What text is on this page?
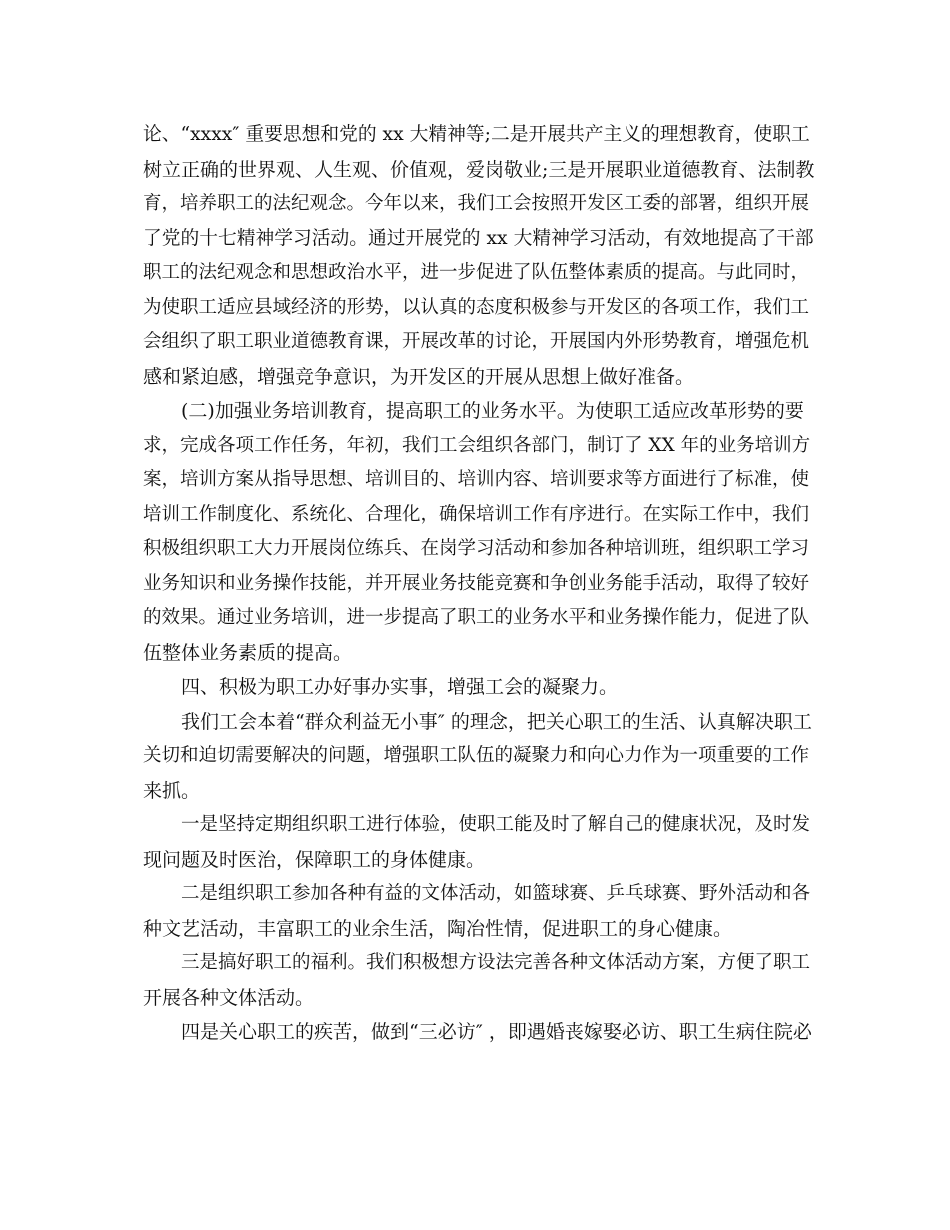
论、“xxxx″ 重要思想和党的 xx 大精神等;二是开展共产主义的理想教育，使职工
树立正确的世界观、人生观、价值观，爱岗敬业;三是开展职业道德教育、法制教
育，培养职工的法纪观念。今年以来，我们工会按照开发区工委的部署，组织开展
了党的十七精神学习活动。通过开展党的 xx 大精神学习活动，有效地提高了干部
职工的法纪观念和思想政治水平，进一步促进了队伍整体素质的提高。与此同时，
为使职工适应县域经济的形势，以认真的态度积极参与开发区的各项工作，我们工
会组织了职工职业道德教育课，开展改革的讨论，开展国内外形势教育，增强危机
感和紧迫感，增强竞争意识，为开发区的开展从思想上做好准备。
(二)加强业务培训教育，提高职工的业务水平。为使职工适应改革形势的要
求，完成各项工作任务，年初，我们工会组织各部门，制订了 XX 年的业务培训方
案，培训方案从指导思想、培训目的、培训内容、培训要求等方面进行了标准，使
培训工作制度化、系统化、合理化，确保培训工作有序进行。在实际工作中，我们
积极组织职工大力开展岗位练兵、在岗学习活动和参加各种培训班，组织职工学习
业务知识和业务操作技能，并开展业务技能竞赛和争创业务能手活动，取得了较好
的效果。通过业务培训，进一步提高了职工的业务水平和业务操作能力，促进了队
伍整体业务素质的提高。
四、积极为职工办好事办实事，增强工会的凝聚力。
我们工会本着“群众利益无小事″ 的理念，把关心职工的生活、认真解决职工
关切和迫切需要解决的问题，增强职工队伍的凝聚力和向心力作为一项重要的工作
来抓。
一是坚持定期组织职工进行体验，使职工能及时了解自己的健康状况，及时发
现问题及时医治，保障职工的身体健康。
二是组织职工参加各种有益的文体活动，如篮球赛、乒乓球赛、野外活动和各
种文艺活动，丰富职工的业余生活，陶冶性情，促进职工的身心健康。
三是搞好职工的福利。我们积极想方设法完善各种文体活动方案，方便了职工
开展各种文体活动。
四是关心职工的疾苦，做到“三必访″ ，即遇婚丧嫁娶必访、职工生病住院必
